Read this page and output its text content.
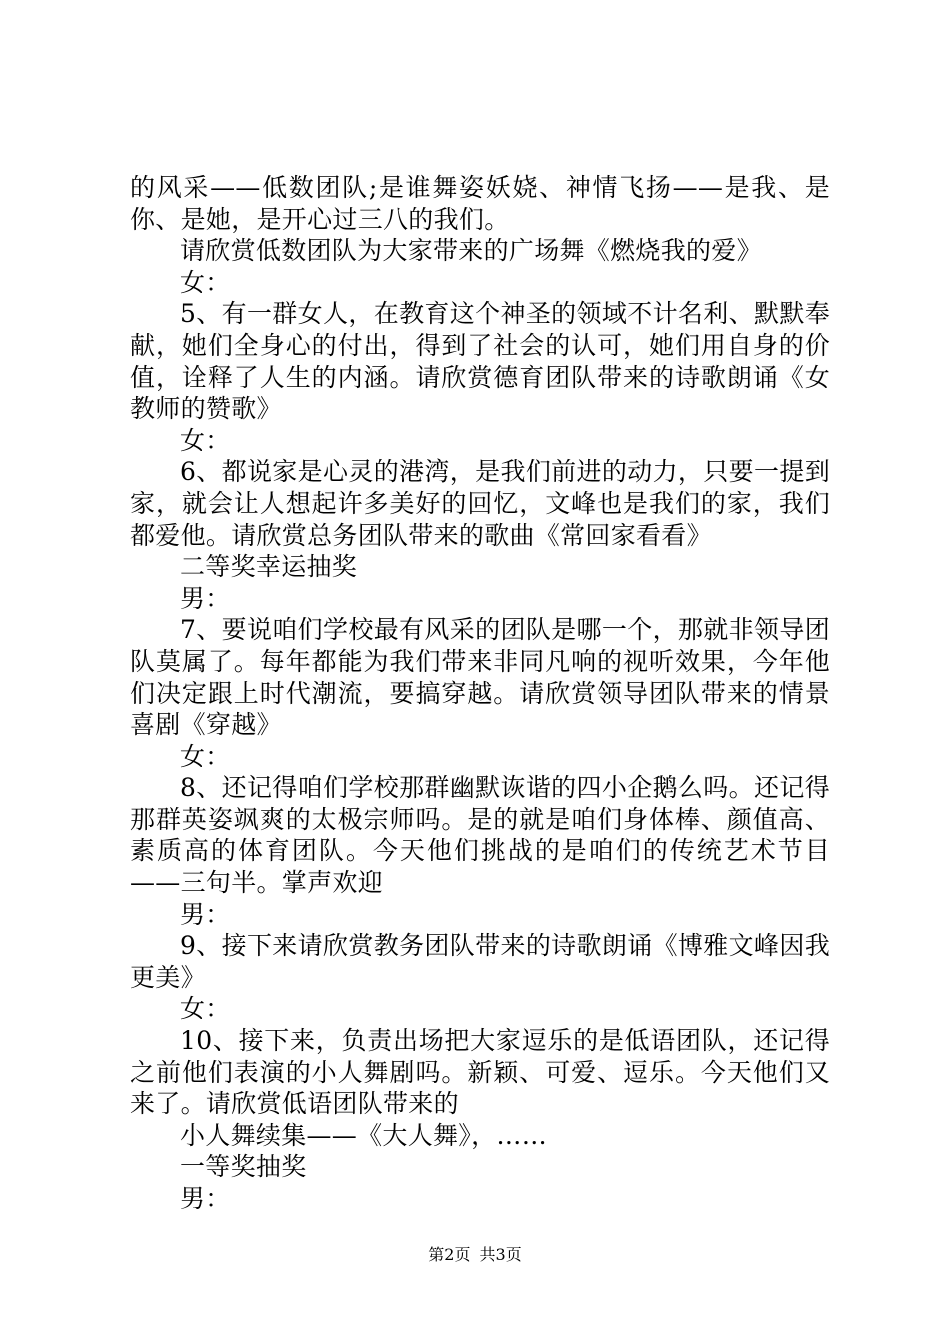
的风采——低数团队;是谁舞姿妖娆、神情飞扬——是我、是你、是她，是开心过三八的我们。

请欣赏低数团队为大家带来的广场舞《燃烧我的爱》

女：

5、有一群女人，在教育这个神圣的领域不计名利、默默奉献，她们全身心的付出，得到了社会的认可，她们用自身的价值，诠释了人生的内涵。请欣赏德育团队带来的诗歌朗诵《女教师的赞歌》

女：

6、都说家是心灵的港湾，是我们前进的动力，只要一提到家，就会让人想起许多美好的回忆，文峰也是我们的家，我们都爱他。请欣赏总务团队带来的歌曲《常回家看看》

二等奖幸运抽奖

男：

7、要说咱们学校最有风采的团队是哪一个，那就非领导团队莫属了。每年都能为我们带来非同凡响的视听效果，今年他们决定跟上时代潮流，要搞穿越。请欣赏领导团队带来的情景喜剧《穿越》

女：

8、还记得咱们学校那群幽默诙谐的四小企鹅么吗。还记得那群英姿飒爽的太极宗师吗。是的就是咱们身体棒、颜值高、素质高的体育团队。今天他们挑战的是咱们的传统艺术节目——三句半。掌声欢迎

男：

9、接下来请欣赏教务团队带来的诗歌朗诵《博雅文峰因我更美》

女：

10、接下来，负责出场把大家逗乐的是低语团队，还记得之前他们表演的小人舞剧吗。新颖、可爱、逗乐。今天他们又来了。请欣赏低语团队带来的

小人舞续集——《大人舞》，……

一等奖抽奖

男：

第2页 共3页
